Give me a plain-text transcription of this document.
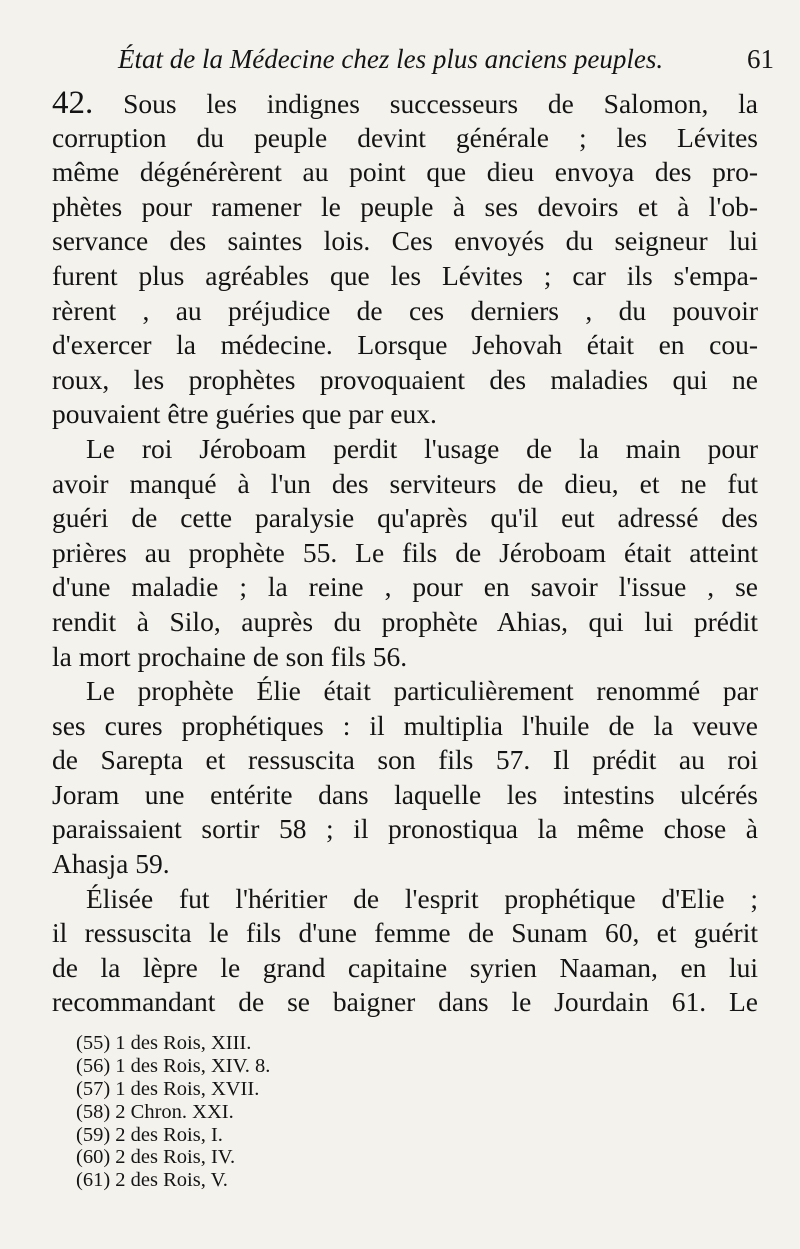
État de la Médecine chez les plus anciens peuples.	61
42. Sous les indignes successeurs de Salomon, la
corruption du peuple devint générale ; les Lévites
même dégénérèrent au point que dieu envoya des pro-
phètes pour ramener le peuple à ses devoirs et à l'ob-
servance des saintes lois. Ces envoyés du seigneur lui
furent plus agréables que les Lévites ; car ils s'empa-
rèrent , au préjudice de ces derniers , du pouvoir
d'exercer la médecine. Lorsque Jehovah était en cou-
roux, les prophètes provoquaient des maladies qui ne
pouvaient être guéries que par eux.
Le roi Jéroboam perdit l'usage de la main pour
avoir manqué à l'un des serviteurs de dieu, et ne fut
guéri de cette paralysie qu'après qu'il eut adressé des
prières au prophète 55. Le fils de Jéroboam était atteint
d'une maladie ; la reine , pour en savoir l'issue , se
rendit à Silo, auprès du prophète Ahias, qui lui prédit
la mort prochaine de son fils 56.
Le prophète Élie était particulièrement renommé par
ses cures prophétiques : il multiplia l'huile de la veuve
de Sarepta et ressuscita son fils 57. Il prédit au roi
Joram une entérite dans laquelle les intestins ulcérés
paraissaient sortir 58 ; il pronostiqua la même chose à
Ahasja 59.
Élisée fut l'héritier de l'esprit prophétique d'Elie ;
il ressuscita le fils d'une femme de Sunam 60, et guérit
de la lèpre le grand capitaine syrien Naaman, en lui
recommandant de se baigner dans le Jourdain 61. Le
(55) 1 des Rois, XIII.
(56) 1 des Rois, XIV. 8.
(57) 1 des Rois, XVII.
(58) 2 Chron. XXI.
(59) 2 des Rois, I.
(60) 2 des Rois, IV.
(61) 2 des Rois, V.
